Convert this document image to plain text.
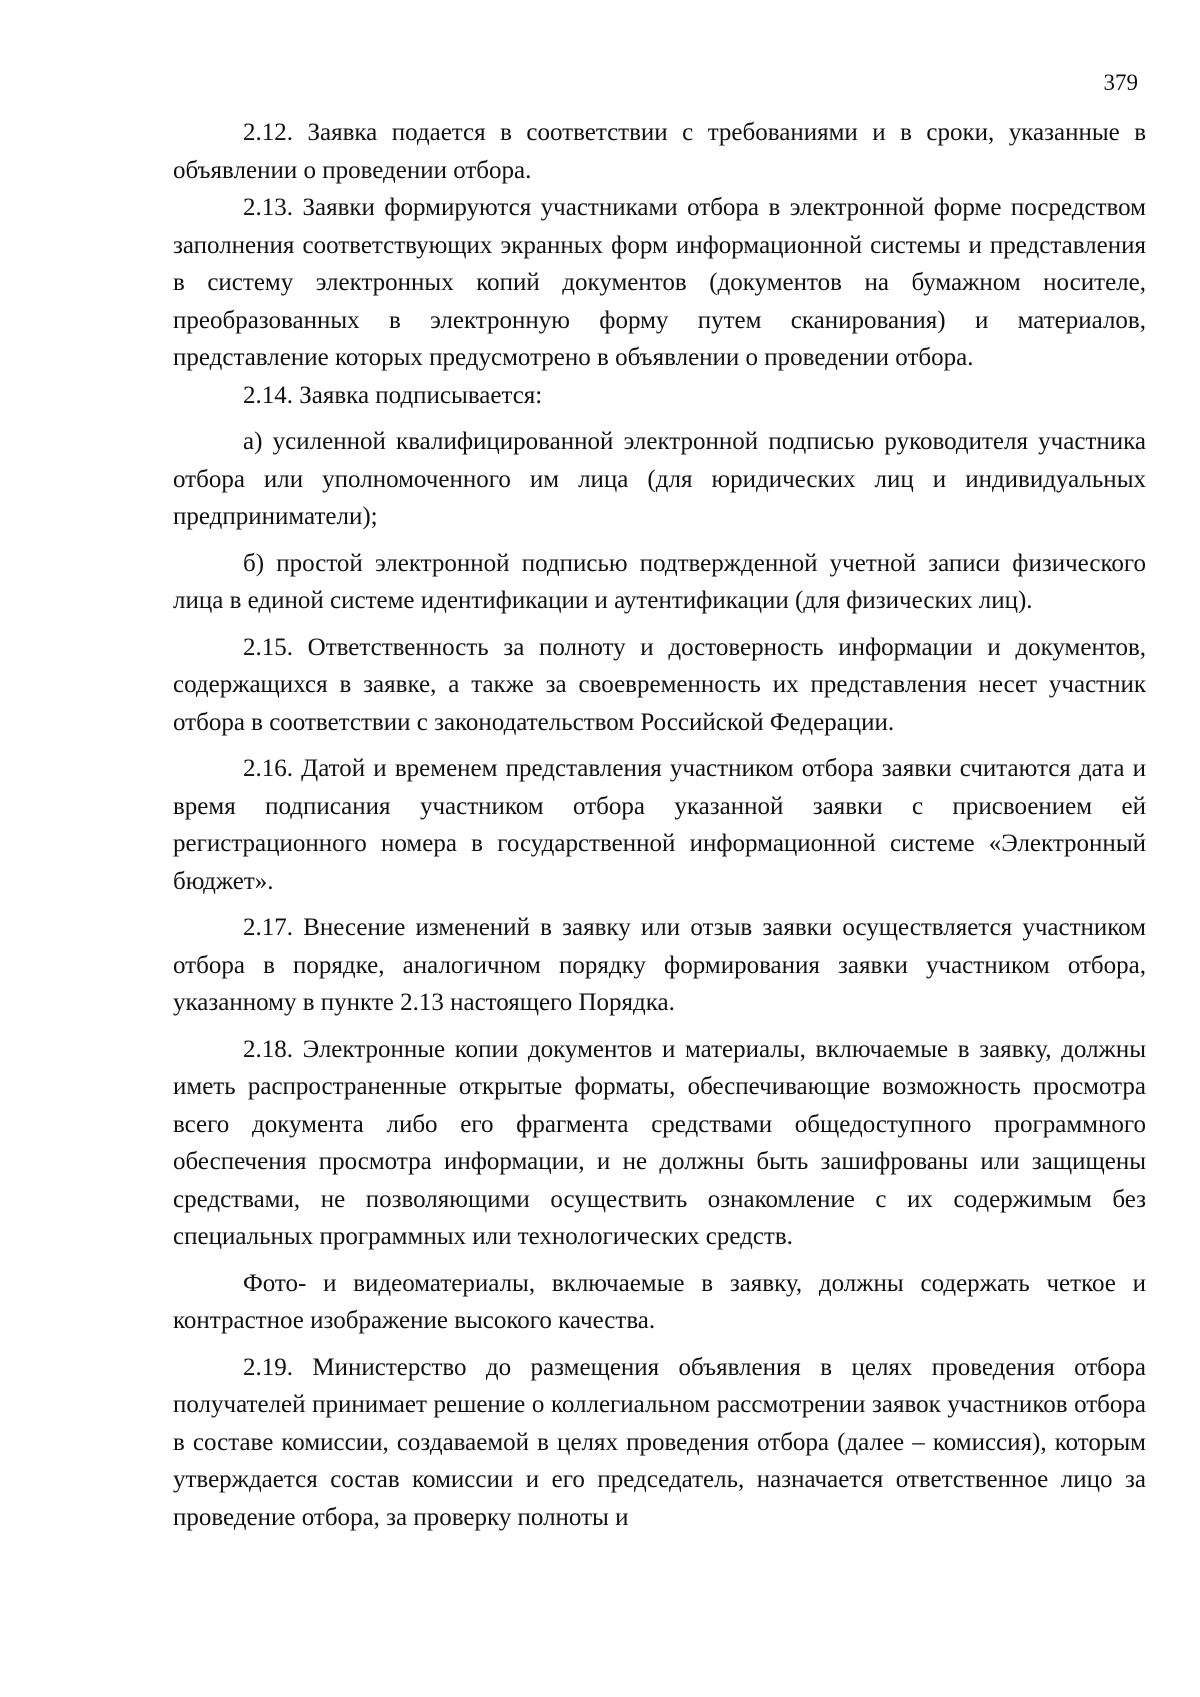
379

2.12. Заявка подается в соответствии с требованиями и в сроки, указанные в объявлении о проведении отбора.

2.13. Заявки формируются участниками отбора в электронной форме посредством заполнения соответствующих экранных форм информационной системы и представления в систему электронных копий документов (документов на бумажном носителе, преобразованных в электронную форму путем сканирования) и материалов, представление которых предусмотрено в объявлении о проведении отбора.

2.14. Заявка подписывается:

а) усиленной квалифицированной электронной подписью руководителя участника отбора или уполномоченного им лица (для юридических лиц и индивидуальных предприниматели);

б) простой электронной подписью подтвержденной учетной записи физического лица в единой системе идентификации и аутентификации (для физических лиц).

2.15. Ответственность за полноту и достоверность информации и документов, содержащихся в заявке, а также за своевременность их представления несет участник отбора в соответствии с законодательством Российской Федерации.

2.16. Датой и временем представления участником отбора заявки считаются дата и время подписания участником отбора указанной заявки с присвоением ей регистрационного номера в государственной информационной системе «Электронный бюджет».

2.17. Внесение изменений в заявку или отзыв заявки осуществляется участником отбора в порядке, аналогичном порядку формирования заявки участником отбора, указанному в пункте 2.13 настоящего Порядка.

2.18. Электронные копии документов и материалы, включаемые в заявку, должны иметь распространенные открытые форматы, обеспечивающие возможность просмотра всего документа либо его фрагмента средствами общедоступного программного обеспечения просмотра информации, и не должны быть зашифрованы или защищены средствами, не позволяющими осуществить ознакомление с их содержимым без специальных программных или технологических средств.

Фото- и видеоматериалы, включаемые в заявку, должны содержать четкое и контрастное изображение высокого качества.

2.19. Министерство до размещения объявления в целях проведения отбора получателей принимает решение о коллегиальном рассмотрении заявок участников отбора в составе комиссии, создаваемой в целях проведения отбора (далее – комиссия), которым утверждается состав комиссии и его председатель, назначается ответственное лицо за проведение отбора, за проверку полноты и
